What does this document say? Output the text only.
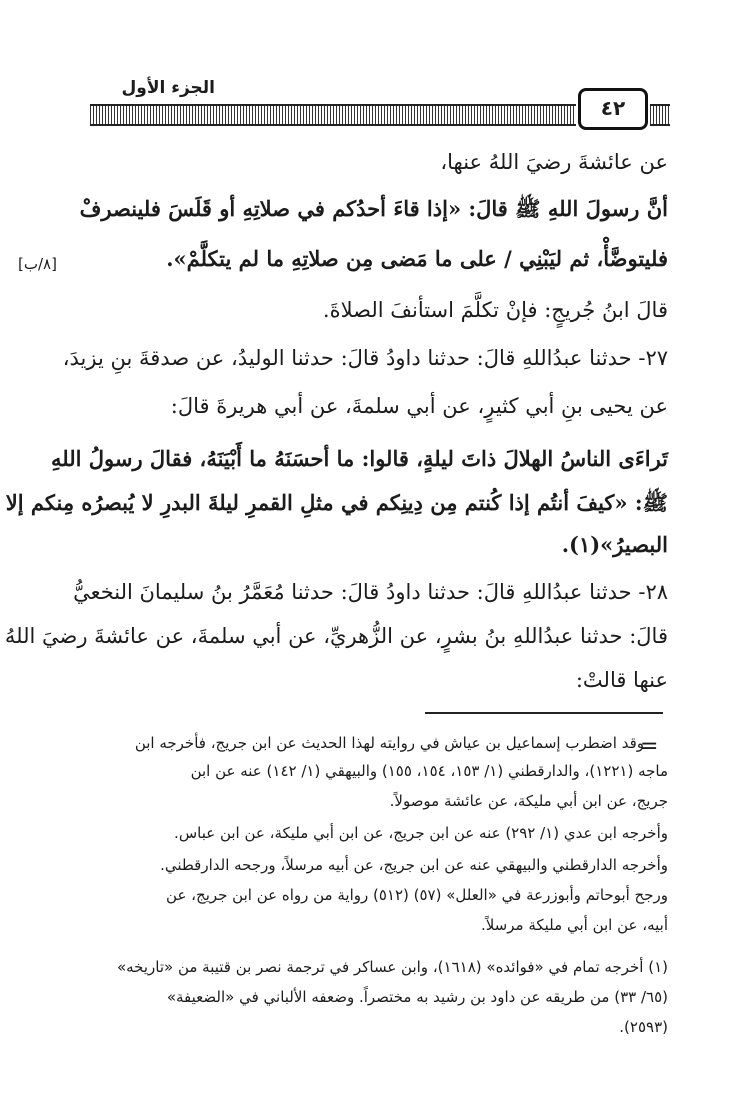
الجزء الأول
٤٢
عن عائشةَ رضيَ اللهُ عنها،
أنَّ رسولَ اللهِ ﷺ قالَ: «إذا قاءَ أحدُكم في صلاتِهِ أو قَلَسَ فلينصرفْ
فليتوضَّأْ، ثم ليَبْنِي / على ما مَضى مِن صلاتِهِ ما لم يتكلَّمْ».
[٨/ب]
قالَ ابنُ جُريجٍ: فإنْ تكلَّمَ استأنفَ الصلاةَ.
٢٧- حدثنا عبدُاللهِ قالَ: حدثنا داودُ قالَ: حدثنا الوليدُ، عن صدقةَ بنِ يزيدَ،
عن يحيى بنِ أبي كثيرٍ، عن أبي سلمةَ، عن أبي هريرةَ قالَ:
تَراءَى الناسُ الهلالَ ذاتَ ليلةٍ، قالوا: ما أحسَنَهُ ما أَبْيَنَهُ، فقالَ رسولُ اللهِ
ﷺ: «كيفَ أنتُم إذا كُنتم مِن دِينِكم في مثلِ القمرِ ليلةَ البدرِ لا يُبصرُه مِنكم إلا
البصيرُ»(١).
٢٨- حدثنا عبدُاللهِ قالَ: حدثنا داودُ قالَ: حدثنا مُعَمَّرُ بنُ سليمانَ النخعيُّ
قالَ: حدثنا عبدُاللهِ بنُ بشرٍ، عن الزُّهريِّ، عن أبي سلمةَ، عن عائشةَ رضيَ اللهُ
عنها قالتْ:
=
وقد اضطرب إسماعيل بن عياش في روايته لهذا الحديث عن ابن جريج، فأخرجه ابن
ماجه (١٢٢١)، والدارقطني (١/ ١٥٣، ١٥٤، ١٥٥) والبيهقي (١/ ١٤٢) عنه عن ابن
جريج، عن ابن أبي مليكة، عن عائشة موصولاً.
وأخرجه ابن عدي (١/ ٢٩٢) عنه عن ابن جريج، عن ابن أبي مليكة، عن ابن عباس.
وأخرجه الدارقطني والبيهقي عنه عن ابن جريج، عن أبيه مرسلاً، ورجحه الدارقطني.
ورجح أبوحاتم وأبوزرعة في «العلل» (٥٧) (٥١٢) رواية من رواه عن ابن جريج، عن
أبيه، عن ابن أبي مليكة مرسلاً.
(١) أخرجه تمام في «فوائده» (١٦١٨)، وابن عساكر في ترجمة نصر بن قتيبة من «تاريخه»
(٦٥/ ٣٣) من طريقه عن داود بن رشيد به مختصراً. وضعفه الألباني في «الضعيفة»
(٢٥٩٣).
